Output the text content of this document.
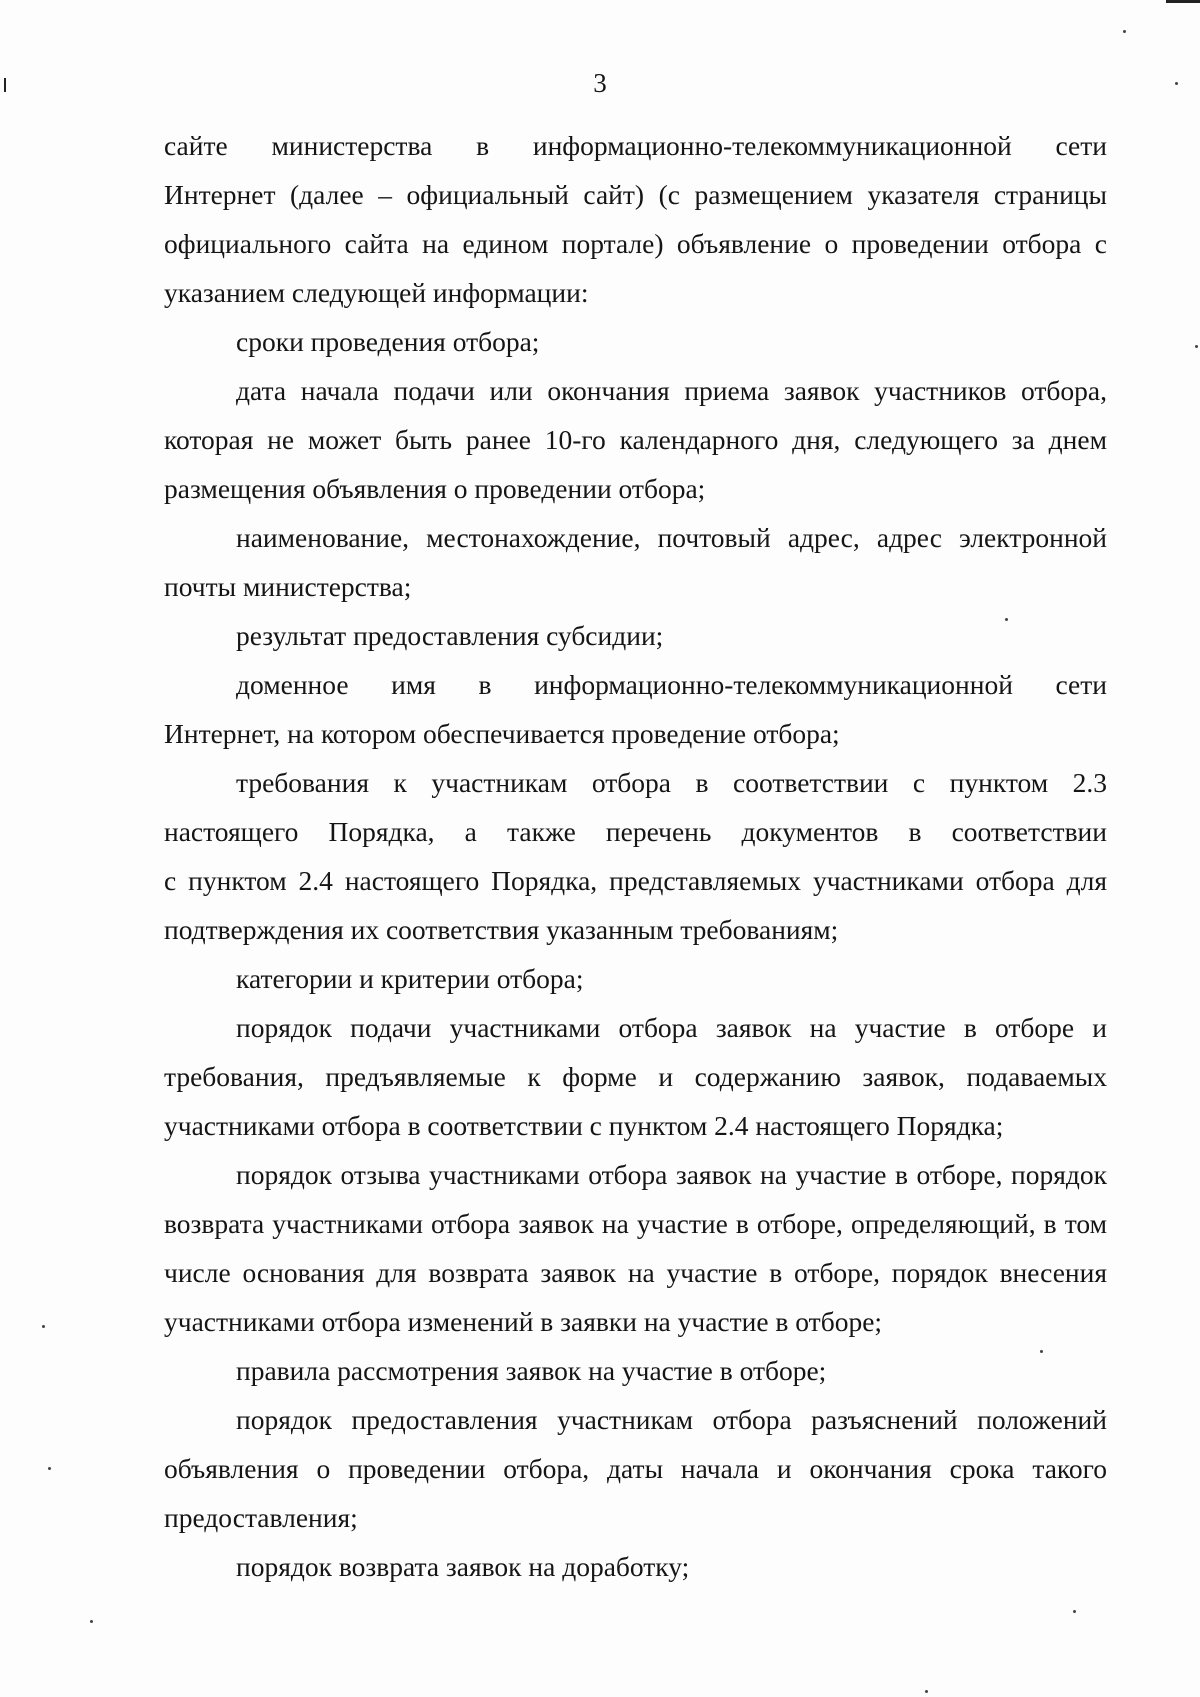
3

сайте министерства в информационно-телекоммуникационной сети
Интернет (далее – официальный сайт) (с размещением указателя страницы
официального сайта на едином портале) объявление о проведении отбора с
указанием следующей информации:

сроки проведения отбора;

дата начала подачи или окончания приема заявок участников отбора,
которая не может быть ранее 10-го календарного дня, следующего за днем
размещения объявления о проведении отбора;

наименование, местонахождение, почтовый адрес, адрес электронной
почты министерства;

результат предоставления субсидии;

доменное имя в информационно-телекоммуникационной сети
Интернет, на котором обеспечивается проведение отбора;

требования к участникам отбора в соответствии с пунктом 2.3
настоящего Порядка, а также перечень документов в соответствии
с пунктом 2.4 настоящего Порядка, представляемых участниками отбора для
подтверждения их соответствия указанным требованиям;

категории и критерии отбора;

порядок подачи участниками отбора заявок на участие в отборе и
требования, предъявляемые к форме и содержанию заявок, подаваемых
участниками отбора в соответствии с пунктом 2.4 настоящего Порядка;

порядок отзыва участниками отбора заявок на участие в отборе, порядок
возврата участниками отбора заявок на участие в отборе, определяющий, в том
числе основания для возврата заявок на участие в отборе, порядок внесения
участниками отбора изменений в заявки на участие в отборе;

правила рассмотрения заявок на участие в отборе;

порядок предоставления участникам отбора разъяснений положений
объявления о проведении отбора, даты начала и окончания срока такого
предоставления;

порядок возврата заявок на доработку;
